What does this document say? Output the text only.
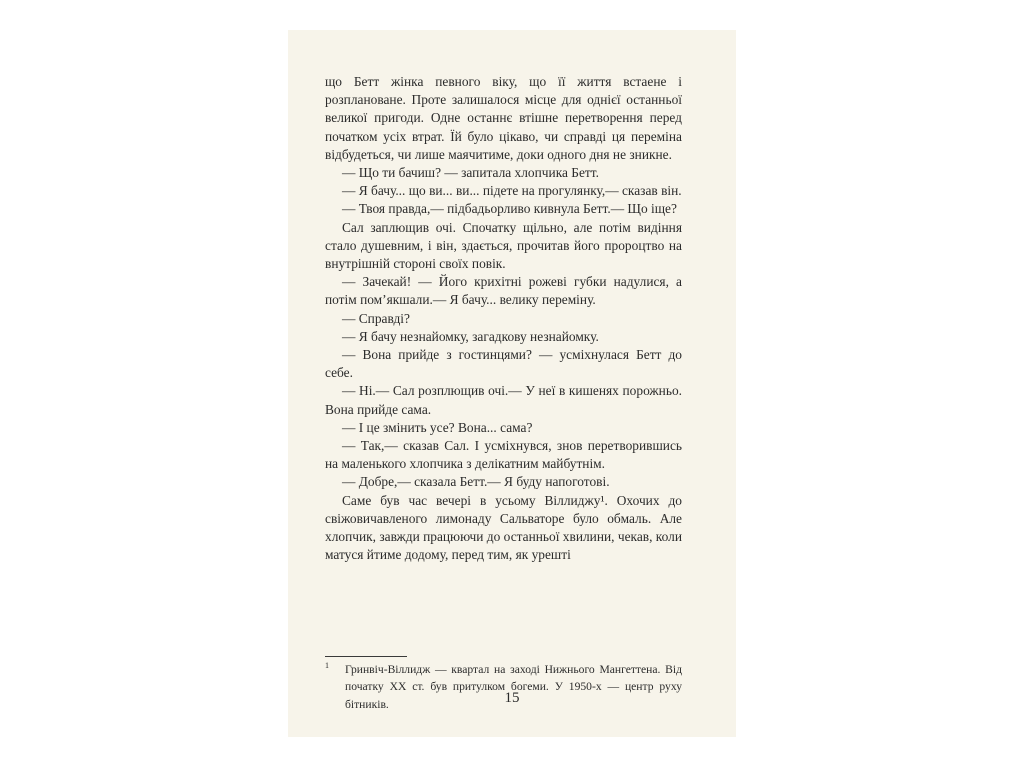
що Бетт жінка певного віку, що її життя встаене і розплановане. Проте залишалося місце для однієї останньої великої пригоди. Одне останнє втішне перетворення перед початком усіх втрат. Їй було цікаво, чи справді ця переміна відбудеться, чи лише маячитиме, доки одного дня не зникне.

— Що ти бачиш? — запитала хлопчика Бетт.

— Я бачу... що ви... ви... підете на прогулянку,— сказав він.

— Твоя правда,— підбадьорливо кивнула Бетт.— Що іще?

Сал заплющив очі. Спочатку щільно, але потім видіння стало душевним, і він, здається, прочитав його пророцтво на внутрішній стороні своїх повік.

— Зачекай! — Його крихітні рожеві губки надулися, а потім пом’якшали.— Я бачу... велику переміну.

— Справді?

— Я бачу незнайомку, загадкову незнайомку.

— Вона прийде з гостинцями? — усміхнулася Бетт до себе.

— Ні.— Сал розплющив очі.— У неї в кишенях порожньо. Вона прийде сама.

— І це змінить усе? Вона... сама?

— Так,— сказав Сал. І усміхнувся, знов перетворившись на маленького хлопчика з делікатним майбутнім.

— Добре,— сказала Бетт.— Я буду напоготові.

Саме був час вечері в усьому Віллиджу¹. Охочих до свіжовичавленого лимонаду Сальваторе було обмаль. Але хлопчик, завжди працюючи до останньої хвилини, чекав, коли матуся йтиме додому, перед тим, як урешті

1 Гринвіч-Віллидж — квартал на заході Нижнього Мангеттена. Від початку XX ст. був притулком богеми. У 1950-х — центр руху бітників.	15
